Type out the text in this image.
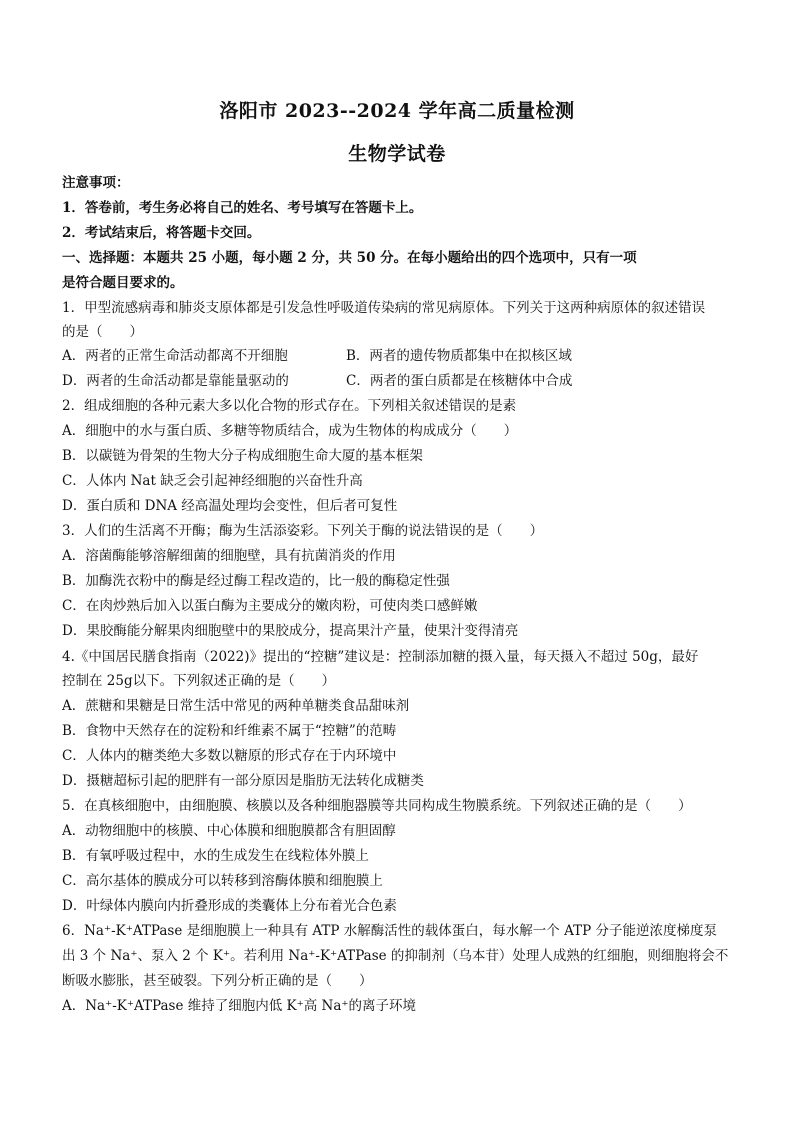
洛阳市 2023--2024 学年高二质量检测
生物学试卷
注意事项：
1．答卷前，考生务必将自己的姓名、考号填写在答题卡上。
2．考试结束后，将答题卡交回。
一、选择题：本题共 25 小题，每小题 2 分，共 50 分。在每小题给出的四个选项中，只有一项
是符合题目要求的。
1．甲型流感病毒和肺炎支原体都是引发急性呼吸道传染病的常见病原体。下列关于这两种病原体的叙述错误
的是（　　）
A．两者的正常生命活动都离不开细胞	B．两者的遗传物质都集中在拟核区域
D．两者的生命活动都是靠能量驱动的	C．两者的蛋白质都是在核糖体中合成
2．组成细胞的各种元素大多以化合物的形式存在。下列相关叙述错误的是素
A．细胞中的水与蛋白质、多糖等物质结合，成为生物体的构成成分（　　）
B．以碳链为骨架的生物大分子构成细胞生命大厦的基本框架
C．人体内 Nat 缺乏会引起神经细胞的兴奋性升高
D．蛋白质和 DNA 经高温处理均会变性，但后者可复性
3．人们的生活离不开酶；酶为生活添姿彩。下列关于酶的说法错误的是（　　）
A．溶菌酶能够溶解细菌的细胞壁，具有抗菌消炎的作用
B．加酶洗衣粉中的酶是经过酶工程改造的，比一般的酶稳定性强
C．在肉炒熟后加入以蛋白酶为主要成分的嫩肉粉，可使肉类口感鲜嫩
D．果胶酶能分解果肉细胞壁中的果胶成分，提高果汁产量，使果汁变得清亮
4.《中国居民膳食指南（2022)》提出的“控糖”建议是：控制添加糖的摄入量，每天摄入不超过 50g，最好
控制在 25g以下。下列叙述正确的是（　　）
A．蔗糖和果糖是日常生活中常见的两种单糖类食品甜味剂
B．食物中天然存在的淀粉和纤维素不属于“控糖”的范畴
C．人体内的糖类绝大多数以糖原的形式存在于内环境中
D．摄糖超标引起的肥胖有一部分原因是脂肪无法转化成糖类
5．在真核细胞中，由细胞膜、核膜以及各种细胞器膜等共同构成生物膜系统。下列叙述正确的是（　　）
A．动物细胞中的核膜、中心体膜和细胞膜都含有胆固醇
B．有氧呼吸过程中，水的生成发生在线粒体外膜上
C．高尔基体的膜成分可以转移到溶酶体膜和细胞膜上
D．叶绿体内膜向内折叠形成的类囊体上分布着光合色素
6．Na⁺-K⁺ATPase 是细胞膜上一种具有 ATP 水解酶活性的载体蛋白，每水解一个 ATP 分子能逆浓度梯度泵
出 3 个 Na⁺、泵入 2 个 K⁺。若利用 Na⁺-K⁺ATPase 的抑制剂（乌本苷）处理人成熟的红细胞，则细胞将会不
断吸水膨胀，甚至破裂。下列分析正确的是（　　）
A．Na⁺-K⁺ATPase 维持了细胞内低 K⁺高 Na⁺的离子环境
